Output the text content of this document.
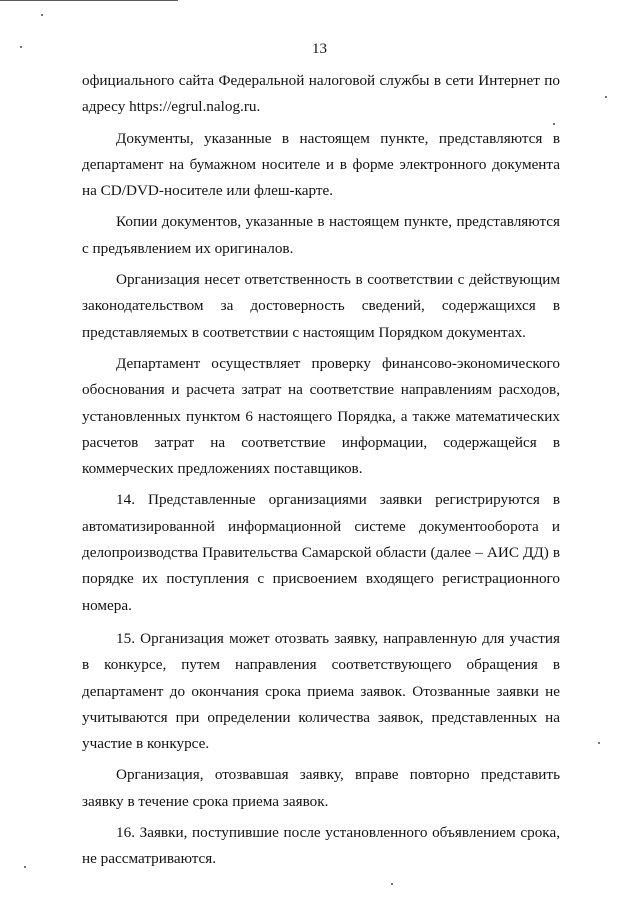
13
официального сайта Федеральной налоговой службы в сети Интернет по адресу https://egrul.nalog.ru.
Документы, указанные в настоящем пункте, представляются в департамент на бумажном носителе и в форме электронного документа на CD/DVD-носителе или флеш-карте.
Копии документов, указанные в настоящем пункте, представляются с предъявлением их оригиналов.
Организация несет ответственность в соответствии с действующим законодательством за достоверность сведений, содержащихся в представляемых в соответствии с настоящим Порядком документах.
Департамент осуществляет проверку финансово-экономического обоснования и расчета затрат на соответствие направлениям расходов, установленных пунктом 6 настоящего Порядка, а также математических расчетов затрат на соответствие информации, содержащейся в коммерческих предложениях поставщиков.
14. Представленные организациями заявки регистрируются в автоматизированной информационной системе документооборота и делопроизводства Правительства Самарской области (далее – АИС ДД) в порядке их поступления с присвоением входящего регистрационного номера.
15. Организация может отозвать заявку, направленную для участия в конкурсе, путем направления соответствующего обращения в департамент до окончания срока приема заявок. Отозванные заявки не учитываются при определении количества заявок, представленных на участие в конкурсе.
Организация, отозвавшая заявку, вправе повторно представить заявку в течение срока приема заявок.
16. Заявки, поступившие после установленного объявлением срока, не рассматриваются.
